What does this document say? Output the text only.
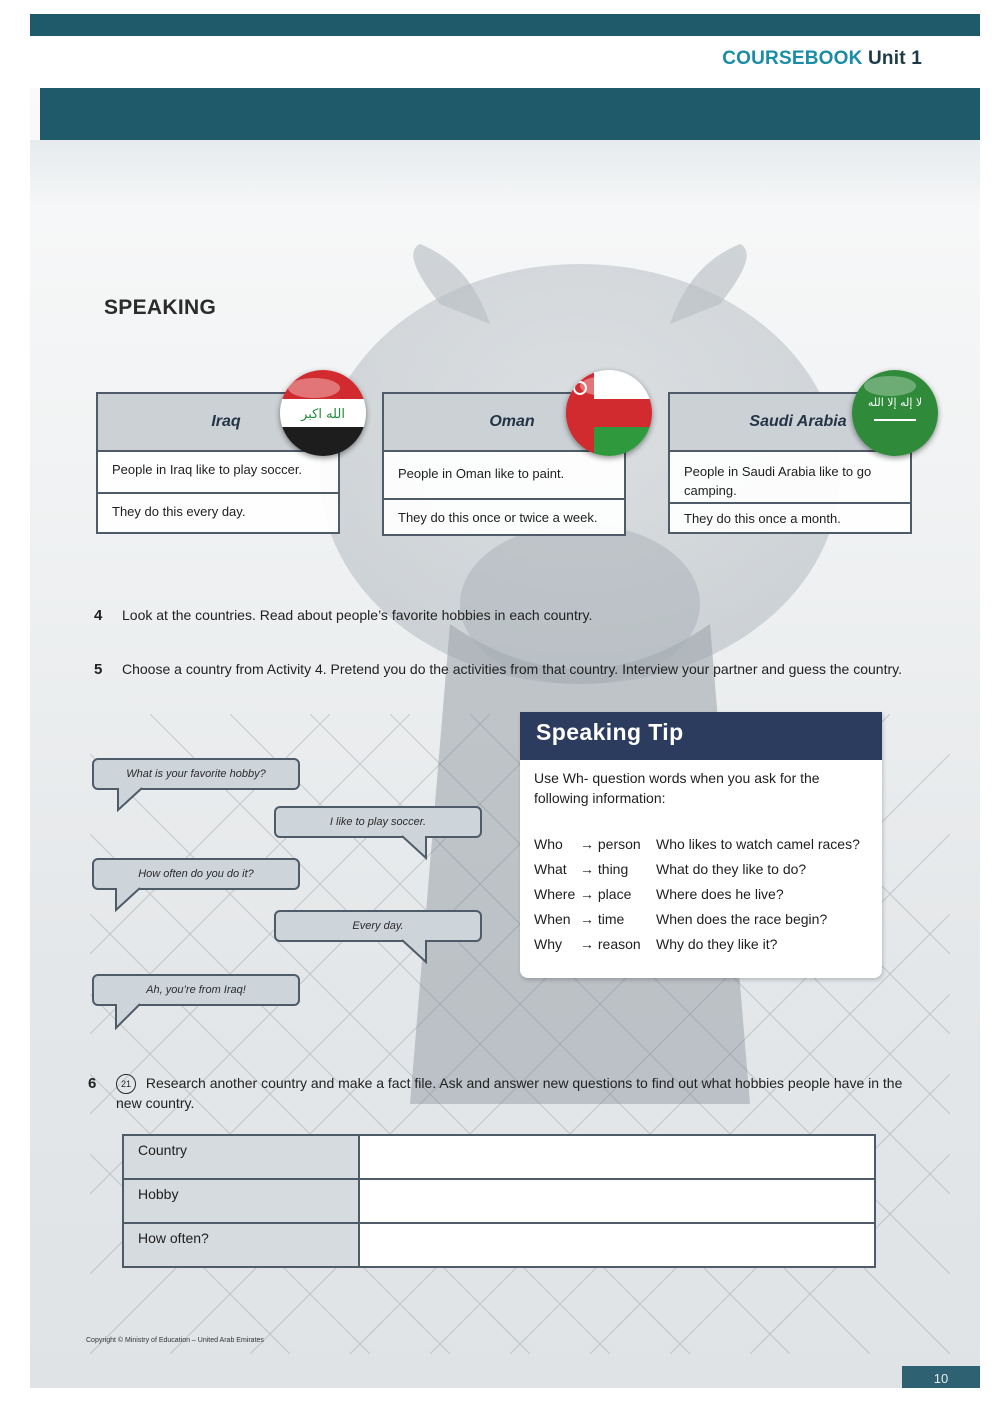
COURSEBOOK Unit 1
SPEAKING
Iraq
People in Iraq like to play soccer.
They do this every day.
الله اكبر	Oman
People in Oman like to paint.
They do this once or twice a week.
Saudi Arabia
People in Saudi Arabia like to go camping.
They do this once a month.
لا إله إلا الله
4 Look at the countries. Read about people’s favorite hobbies in each country.
5 Choose a country from Activity 4. Pretend you do the activities from that country. Interview your partner and guess the country.
What is your favorite hobby?
I like to play soccer.
How often do you do it?
Every day.
Ah, you’re from Iraq!
Speaking Tip
Use Wh- question words when you ask for the following information:
Who → person Who likes to watch camel races?
What → thing What do they like to do?
Where → place Where does he live?
When → time When does the race begin?
Why → reason Why do they like it?
6	21 Research another country and make a fact file. Ask and answer new questions to find out what hobbies people have in the new country.
Country
Hobby
How often?
Copyright © Ministry of Education – United Arab Emirates
10
